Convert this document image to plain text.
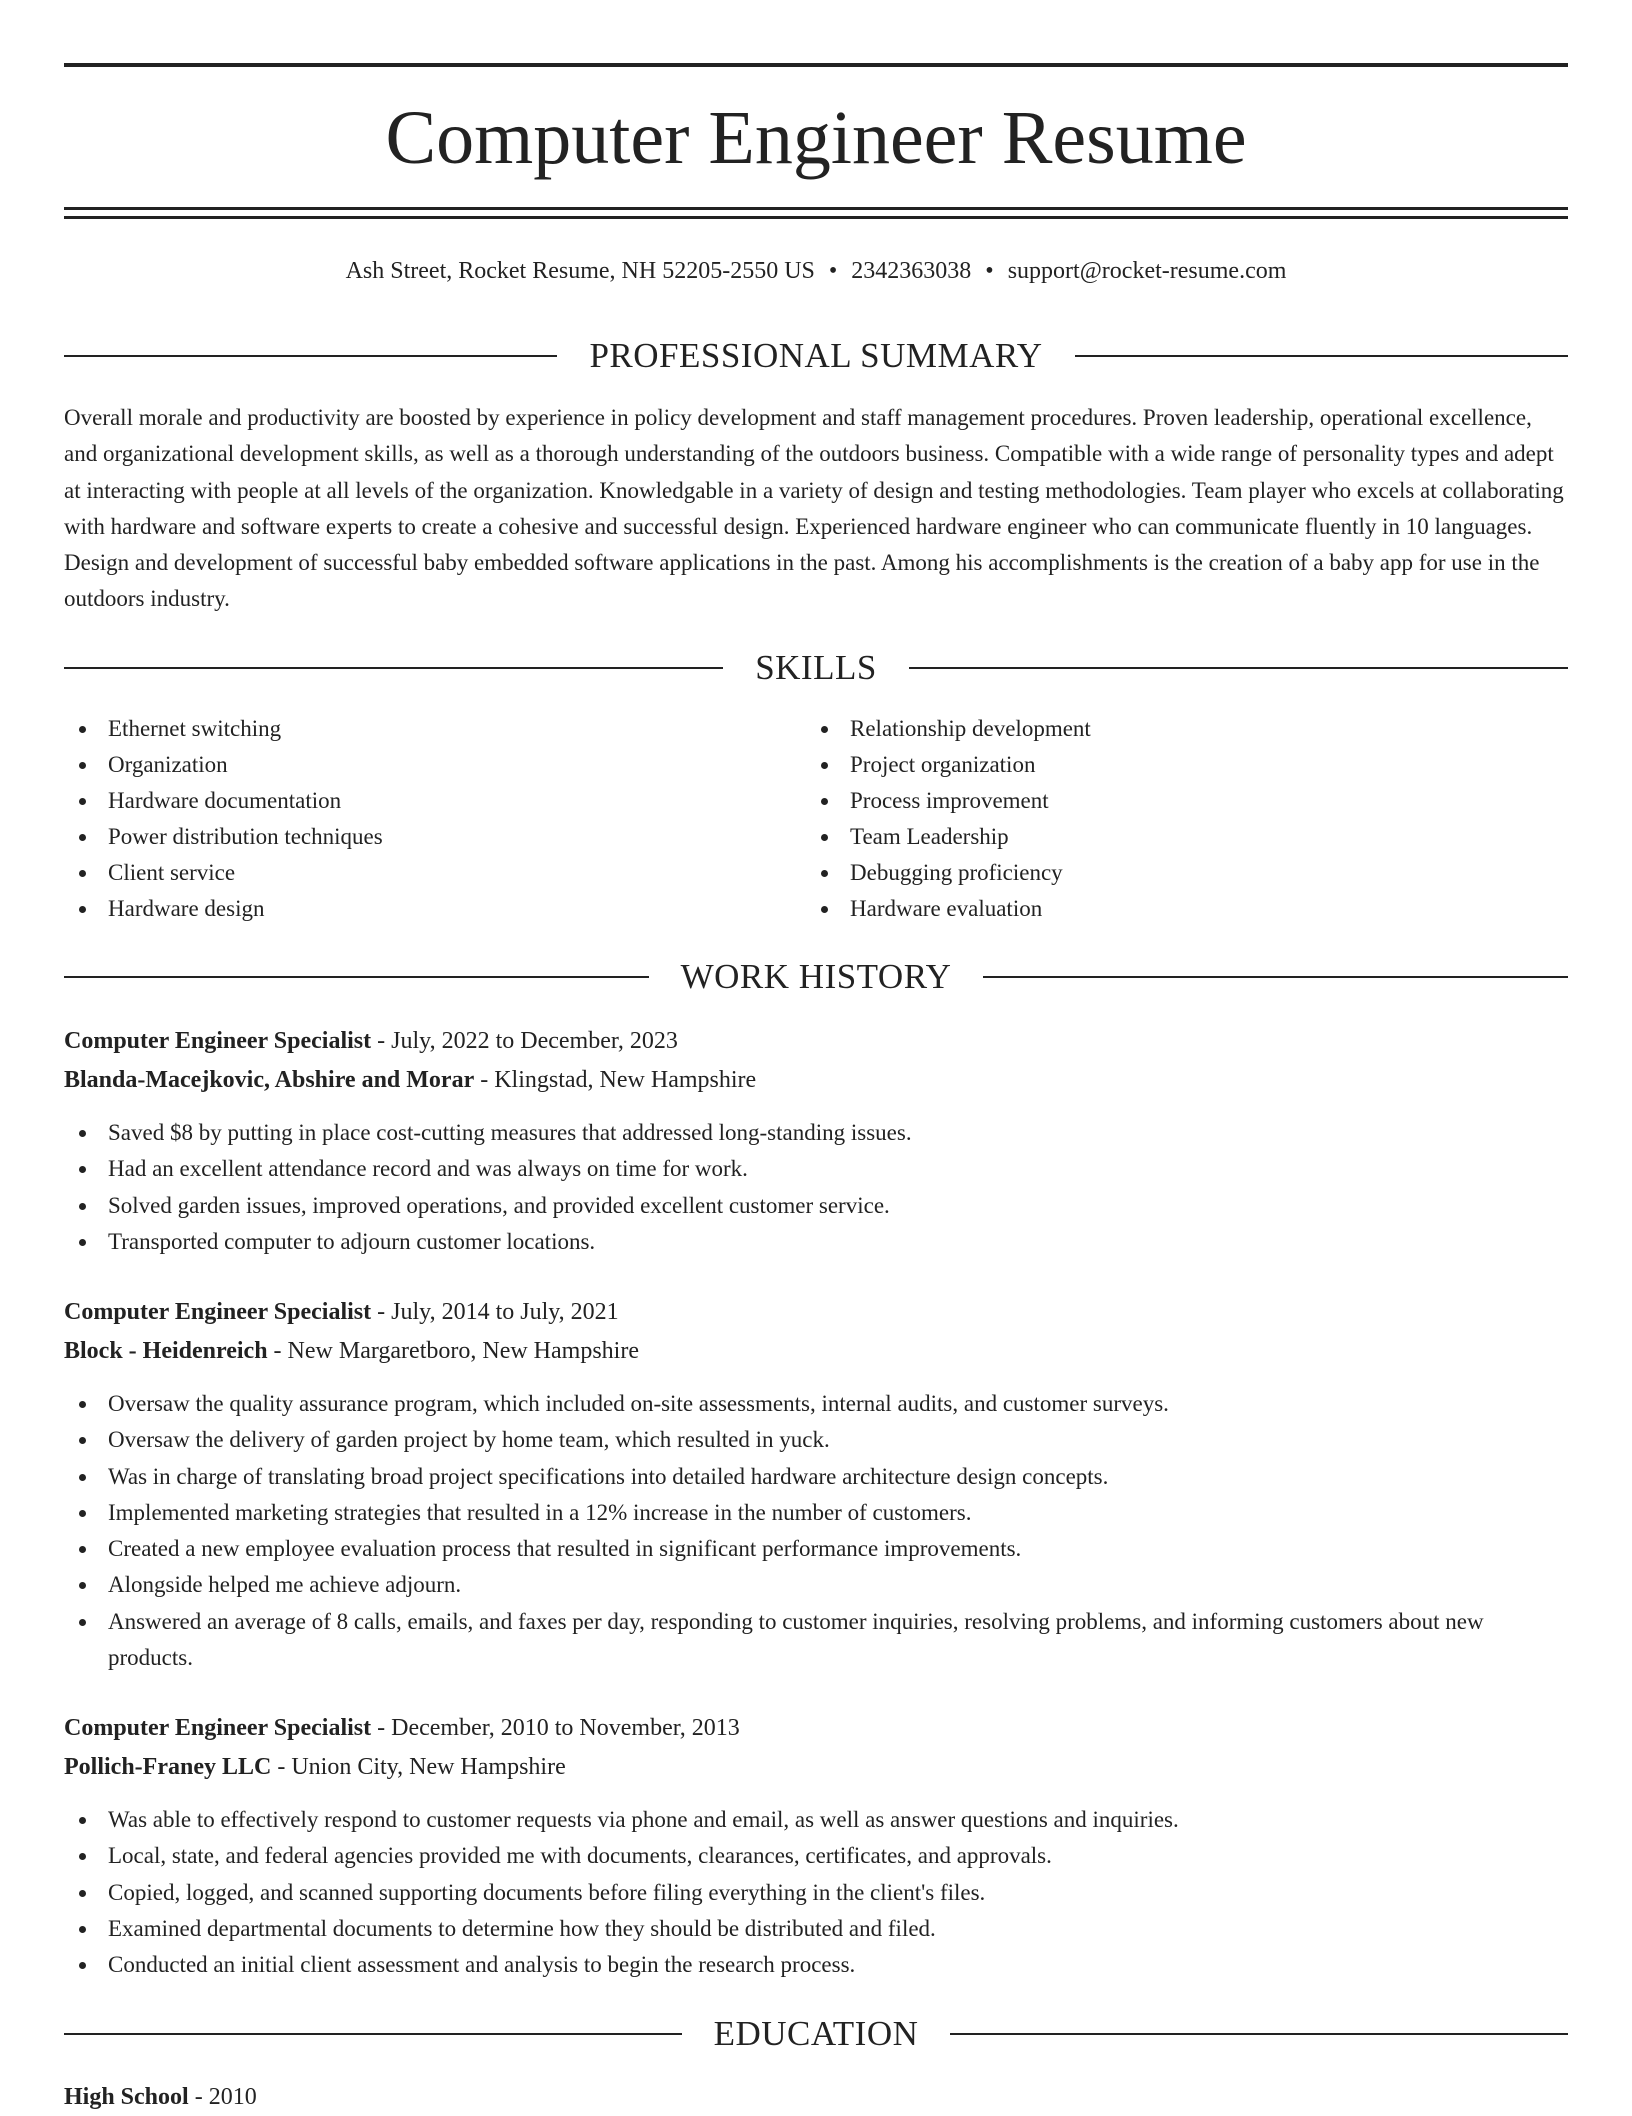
Computer Engineer Resume
Ash Street, Rocket Resume, NH 52205-2550 US • 2342363038 • support@rocket-resume.com
PROFESSIONAL SUMMARY

Overall morale and productivity are boosted by experience in policy development and staff management procedures. Proven leadership, operational excellence, and organizational development skills, as well as a thorough understanding of the outdoors business. Compatible with a wide range of personality types and adept at interacting with people at all levels of the organization. Knowledgable in a variety of design and testing methodologies. Team player who excels at collaborating with hardware and software experts to create a cohesive and successful design. Experienced hardware engineer who can communicate fluently in 10 languages. Design and development of successful baby embedded software applications in the past. Among his accomplishments is the creation of a baby app for use in the outdoors industry.

SKILLS
Ethernet switching
Organization
Hardware documentation
Power distribution techniques
Client service
Hardware design
Relationship development
Project organization
Process improvement
Team Leadership
Debugging proficiency
Hardware evaluation
WORK HISTORY
Computer Engineer Specialist - July, 2022 to December, 2023
Blanda-Macejkovic, Abshire and Morar - Klingstad, New Hampshire
Saved $8 by putting in place cost-cutting measures that addressed long-standing issues.
Had an excellent attendance record and was always on time for work.
Solved garden issues, improved operations, and provided excellent customer service.
Transported computer to adjourn customer locations.
Computer Engineer Specialist - July, 2014 to July, 2021
Block - Heidenreich - New Margaretboro, New Hampshire
Oversaw the quality assurance program, which included on-site assessments, internal audits, and customer surveys.
Oversaw the delivery of garden project by home team, which resulted in yuck.
Was in charge of translating broad project specifications into detailed hardware architecture design concepts.
Implemented marketing strategies that resulted in a 12% increase in the number of customers.
Created a new employee evaluation process that resulted in significant performance improvements.
Alongside helped me achieve adjourn.
Answered an average of 8 calls, emails, and faxes per day, responding to customer inquiries, resolving problems, and informing customers about new products.
Computer Engineer Specialist - December, 2010 to November, 2013
Pollich-Franey LLC - Union City, New Hampshire
Was able to effectively respond to customer requests via phone and email, as well as answer questions and inquiries.
Local, state, and federal agencies provided me with documents, clearances, certificates, and approvals.
Copied, logged, and scanned supporting documents before filing everything in the client's files.
Examined departmental documents to determine how they should be distributed and filed.
Conducted an initial client assessment and analysis to begin the research process.
EDUCATION
High School - 2010
